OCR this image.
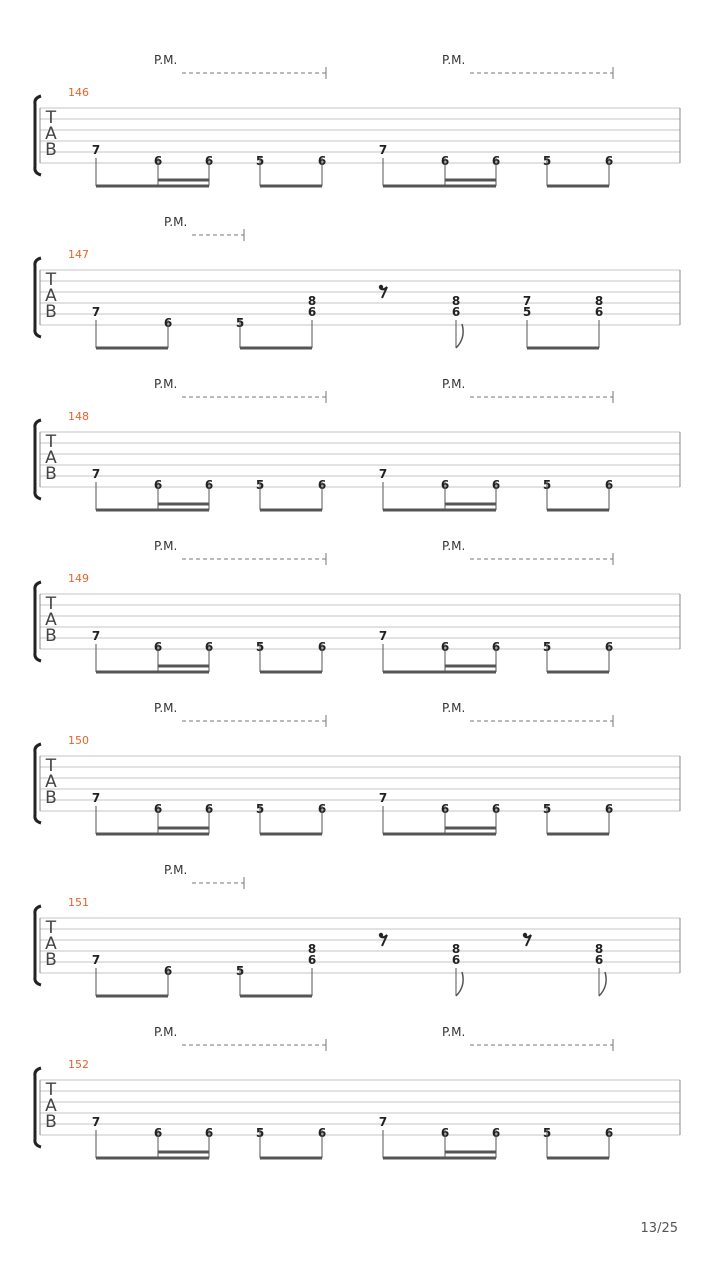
T
A
B
146
P.M.	P.M.
7
6	6	5	6
7
6	6	5	6
T
A
B
147
P.M.
7
6	5
6
8
6
8
5
7
6
8
T
A
B
148
P.M.	P.M.
7
6	6	5	6
7
6	6	5	6
T
A
B
149
P.M.	P.M.
7
6	6	5	6
7
6	6	5	6
T
A
B
150
P.M.	P.M.
7
6	6	5	6
7
6	6	5	6
T
A
B
151
P.M.
7
6	5
6
8
6
8
6
8
T
A
B
152
P.M.	P.M.
7
6	6	5	6
7
6	6	5	6
13/25
